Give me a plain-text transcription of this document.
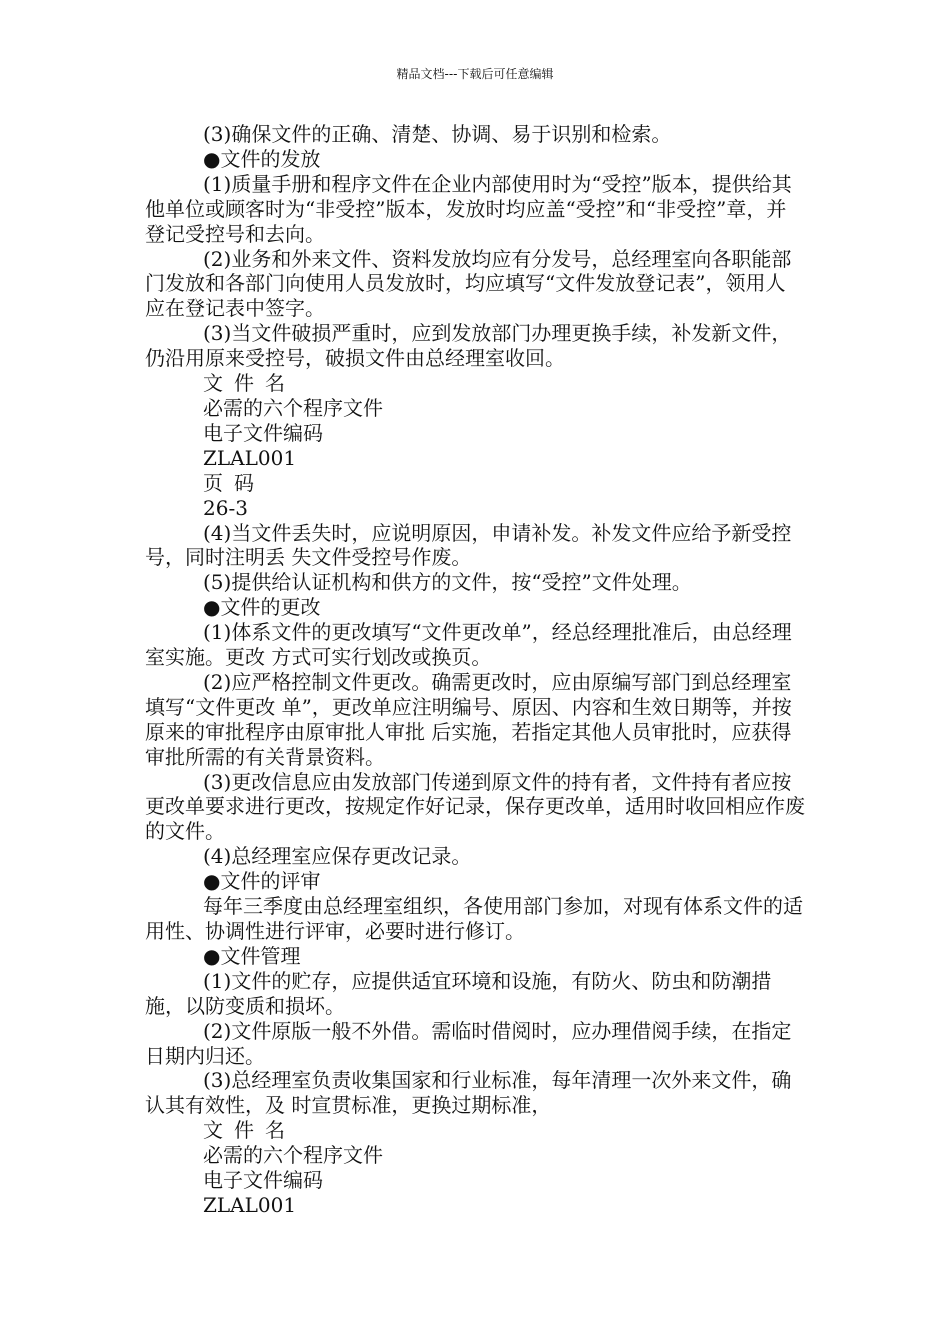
精品文档---下载后可任意编辑

(3)确保文件的正确、清楚、协调、易于识别和检索。

●文件的发放

(1)质量手册和程序文件在企业内部使用时为“受控”版本，提供给其他单位或顾客时为“非受控”版本，发放时均应盖“受控”和“非受控”章，并登记受控号和去向。

(2)业务和外来文件、资料发放均应有分发号，总经理室向各职能部门发放和各部门向使用人员发放时，均应填写“文件发放登记表”，领用人应在登记表中签字。

(3)当文件破损严重时，应到发放部门办理更换手续，补发新文件，仍沿用原来受控号，破损文件由总经理室收回。

文件名

必需的六个程序文件

电子文件编码

ZLAL001

页码

26-3

(4)当文件丢失时，应说明原因，申请补发。补发文件应给予新受控号，同时注明丢 失文件受控号作废。

(5)提供给认证机构和供方的文件，按“受控”文件处理。

●文件的更改

(1)体系文件的更改填写“文件更改单”，经总经理批准后，由总经理室实施。更改 方式可实行划改或换页。

(2)应严格控制文件更改。确需更改时，应由原编写部门到总经理室填写“文件更改 单”，更改单应注明编号、原因、内容和生效日期等，并按原来的审批程序由原审批人审批 后实施，若指定其他人员审批时，应获得审批所需的有关背景资料。

(3)更改信息应由发放部门传递到原文件的持有者，文件持有者应按更改单要求进行更改，按规定作好记录，保存更改单，适用时收回相应作废的文件。

(4)总经理室应保存更改记录。

●文件的评审

每年三季度由总经理室组织，各使用部门参加，对现有体系文件的适用性、协调性进行评审，必要时进行修订。

●文件管理

(1)文件的贮存，应提供适宜环境和设施，有防火、防虫和防潮措施，以防变质和损坏。

(2)文件原版一般不外借。需临时借阅时，应办理借阅手续，在指定日期内归还。

(3)总经理室负责收集国家和行业标准，每年清理一次外来文件，确认其有效性，及 时宣贯标准，更换过期标准，

文件名

必需的六个程序文件

电子文件编码

ZLAL001
